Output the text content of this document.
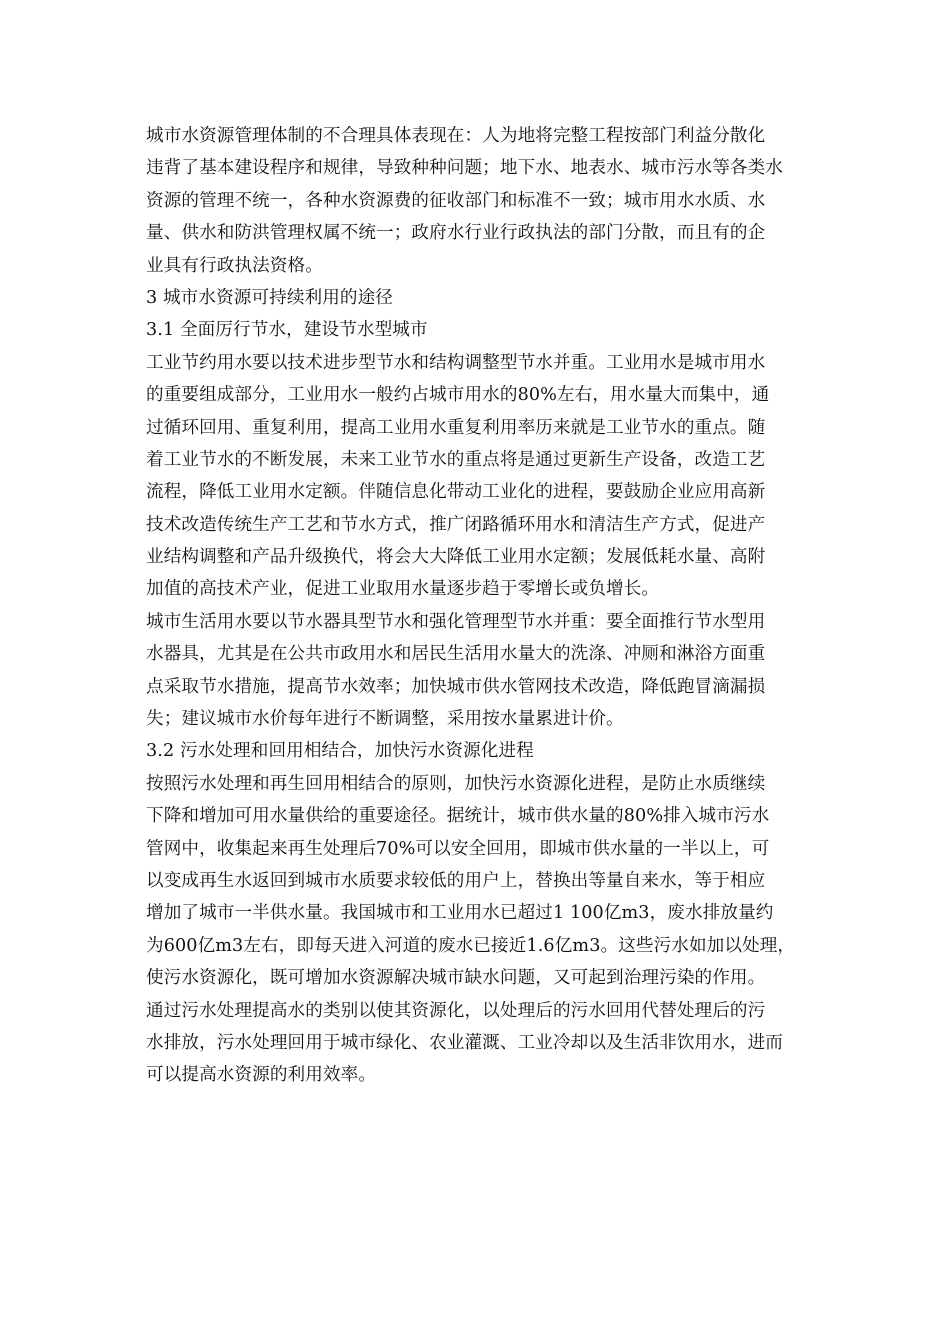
城市水资源管理体制的不合理具体表现在：人为地将完整工程按部门利益分散化
违背了基本建设程序和规律，导致种种问题；地下水、地表水、城市污水等各类水
资源的管理不统一，各种水资源费的征收部门和标准不一致；城市用水水质、水
量、供水和防洪管理权属不统一；政府水行业行政执法的部门分散，而且有的企
业具有行政执法资格。
3 城市水资源可持续利用的途径
3.1 全面厉行节水，建设节水型城市
工业节约用水要以技术进步型节水和结构调整型节水并重。工业用水是城市用水
的重要组成部分，工业用水一般约占城市用水的80%左右，用水量大而集中，通
过循环回用、重复利用，提高工业用水重复利用率历来就是工业节水的重点。随
着工业节水的不断发展，未来工业节水的重点将是通过更新生产设备，改造工艺
流程，降低工业用水定额。伴随信息化带动工业化的进程，要鼓励企业应用高新
技术改造传统生产工艺和节水方式，推广闭路循环用水和清洁生产方式，促进产
业结构调整和产品升级换代，将会大大降低工业用水定额；发展低耗水量、高附
加值的高技术产业，促进工业取用水量逐步趋于零增长或负增长。
城市生活用水要以节水器具型节水和强化管理型节水并重：要全面推行节水型用
水器具，尤其是在公共市政用水和居民生活用水量大的洗涤、冲厕和淋浴方面重
点采取节水措施，提高节水效率；加快城市供水管网技术改造，降低跑冒滴漏损
失；建议城市水价每年进行不断调整，采用按水量累进计价。
3.2 污水处理和回用相结合，加快污水资源化进程
按照污水处理和再生回用相结合的原则，加快污水资源化进程，是防止水质继续
下降和增加可用水量供给的重要途径。据统计，城市供水量的80%排入城市污水
管网中，收集起来再生处理后70%可以安全回用，即城市供水量的一半以上，可
以变成再生水返回到城市水质要求较低的用户上，替换出等量自来水，等于相应
增加了城市一半供水量。我国城市和工业用水已超过1 100亿m3，废水排放量约
为600亿m3左右，即每天进入河道的废水已接近1.6亿m3。这些污水如加以处理，
使污水资源化，既可增加水资源解决城市缺水问题，又可起到治理污染的作用。
通过污水处理提高水的类别以使其资源化，以处理后的污水回用代替处理后的污
水排放，污水处理回用于城市绿化、农业灌溉、工业冷却以及生活非饮用水，进而
可以提高水资源的利用效率。
